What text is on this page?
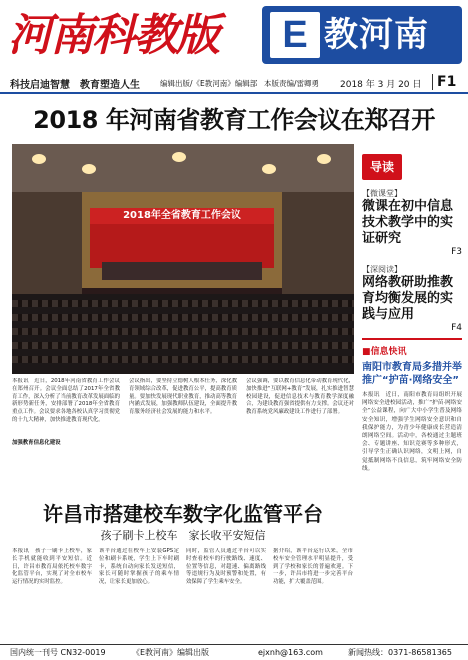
河南科教版	E 教河南
科技启迪智慧　教育塑造人生	编辑出版/《E教河南》编辑部 本版责编/雷卿勇 2018 年 3 月 20 日	F1
2018 年河南省教育工作会议在郑召开
2018年全省教育工作会议
导读
【微课堂】
微课在初中信息技术教学中的实证研究
F3
【深阅读】
网络教研助推教育均衡发展的实践与应用
F4
■信息快讯
南阳市教育局多措并举推广“护苗·网络安全”
本报讯　近日，南阳市教育局组织开展网络安全进校园活动，推广“护苗·网络安全”公益课程，向广大中小学生普及网络安全知识，增强学生网络安全意识和自我保护能力，为青少年健康成长营造清朗网络空间。活动中，各校通过主题班会、专题讲座、知识竞赛等多种形式，引导学生正确认识网络，文明上网，自觉抵制网络不良信息，筑牢网络安全防线。
本报讯　近日，2018年河南省教育工作会议在郑州召开。会议全面总结了2017年全省教育工作，深入分析了当前教育改革发展面临的新形势新任务，安排部署了2018年全省教育重点工作。会议要求各地各校认真学习贯彻党的十九大精神，加快推进教育现代化。
会议指出，要坚持立德树人根本任务，深化教育领域综合改革，促进教育公平，提高教育质量。要加快发展现代职业教育，推动高等教育内涵式发展，加强教师队伍建设，全面提升教育服务经济社会发展的能力和水平。
会议强调，要以教育信息化带动教育现代化，加快推进“互联网+教育”发展，扎实推进智慧校园建设，促进信息技术与教育教学深度融合，为建设教育强省提供有力支撑。会议还对教育系统党风廉政建设工作进行了部署。
加强教育信息化建设
许昌市搭建校车数字化监管平台
孩子刷卡上校车　家长收平安短信
本报讯　孩子一刷卡上校车，家长手机就能收到平安短信。近日，许昌市教育局依托校车数字化监管平台，实现了对全市校车运行情况的实时监控。
该平台通过在校车上安装GPS定位和刷卡系统，学生上下车时刷卡，系统自动向家长发送短信，家长可随时掌握孩子的乘车情况，让家长更加放心。
同时，监管人员通过平台可以实时查看校车的行驶路线、速度、位置等信息，对超速、偏离路线等违规行为及时预警和处置，有效保障了学生乘车安全。
据介绍，该平台运行以来，全市校车安全管理水平明显提升，受到了学校和家长的普遍欢迎。下一步，许昌市将进一步完善平台功能，扩大覆盖范围。
国内统一刊号 CN32-0019	《E教河南》编辑出版	ejxnh@163.com	新闻热线：0371-86581365
